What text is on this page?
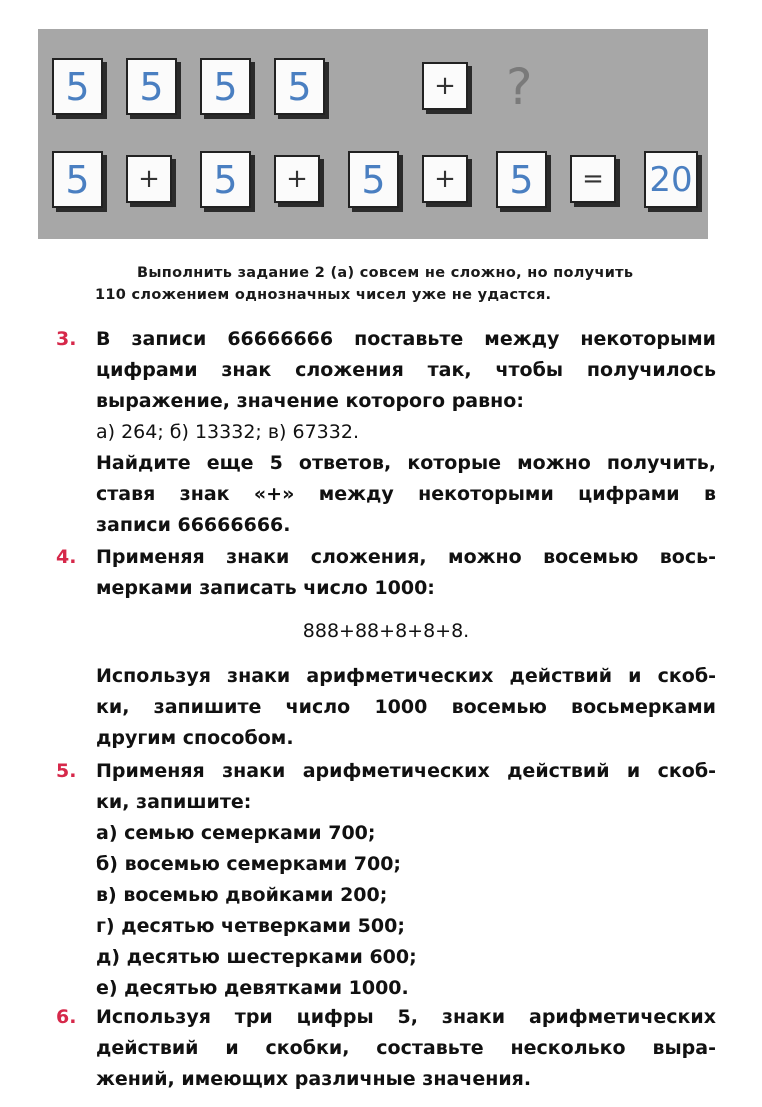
5	5	5	5	+
5	+	5	+	5	+	5	=	20
?
Выполнить задание 2 (а) совсем не сложно, но получить
110 сложением однозначных чисел уже не удастся.
3. В записи 66666666 поставьте между некоторыми
цифрами знак сложения так, чтобы получилось
выражение, значение которого равно:
а) 264; б) 13332; в) 67332.
Найдите еще 5 ответов, которые можно получить,
ставя знак «+» между некоторыми цифрами в
записи 66666666.
4. Применяя знаки сложения, можно восемью вось-
мерками записать число 1000:
888+88+8+8+8.
Используя знаки арифметических действий и скоб-
ки, запишите число 1000 восемью восьмерками
другим способом.
5. Применяя знаки арифметических действий и скоб-
ки, запишите:
а) семью семерками 700;
б) восемью семерками 700;
в) восемью двойками 200;
г) десятью четверками 500;
д) десятью шестерками 600;
е) десятью девятками 1000.
6. Используя три цифры 5, знаки арифметических
действий и скобки, составьте несколько выра-
жений, имеющих различные значения.
